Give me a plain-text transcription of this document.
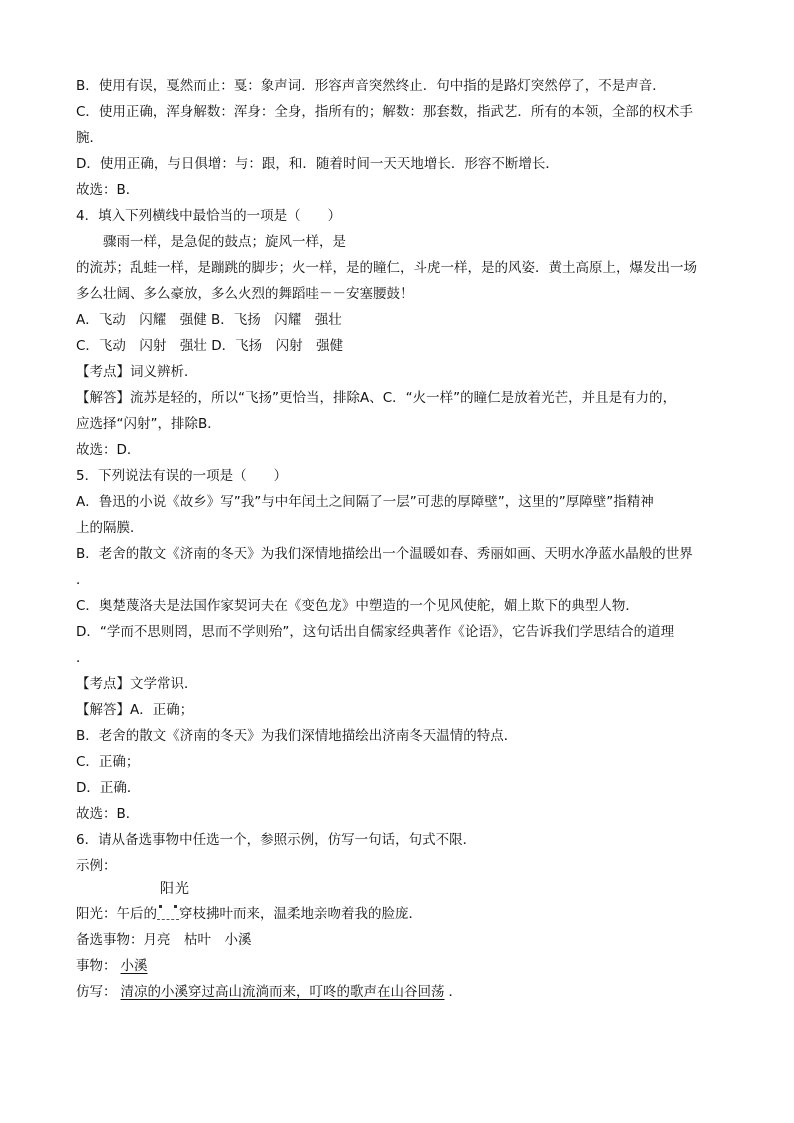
B．使用有误，戛然而止：戛：象声词．形容声音突然终止．句中指的是路灯突然停了，不是声音．
C．使用正确，浑身解数：浑身：全身，指所有的；解数：那套数，指武艺．所有的本领，全部的权术手
腕．
D．使用正确，与日俱增：与：跟，和．随着时间一天天地增长．形容不断增长．
故选：B．
4．填入下列横线中最恰当的一项是（　　）
骤雨一样，是急促的鼓点；旋风一样，是
的流苏；乱蛙一样，是蹦跳的脚步；火一样，是的瞳仁，斗虎一样，是的风姿．黄土高原上，爆发出一场
多么壮阔、多么豪放，多么火烈的舞蹈哇－－安塞腰鼓！
A．飞动　闪耀　强健 B．飞扬　闪耀　强壮
C．飞动　闪射　强壮 D．飞扬　闪射　强健
【考点】词义辨析．
【解答】流苏是轻的，所以“飞扬”更恰当，排除A、C．“火一样”的瞳仁是放着光芒，并且是有力的，
应选择“闪射”，排除B．
故选：D．
5．下列说法有误的一项是（　　）
A．鲁迅的小说《故乡》写”我”与中年闰土之间隔了一层”可悲的厚障壁”，这里的”厚障壁”指精神
上的隔膜．
B．老舍的散文《济南的冬天》为我们深情地描绘出一个温暖如春、秀丽如画、天明水净蓝水晶般的世界
．
C．奥楚蔑洛夫是法国作家契诃夫在《变色龙》中塑造的一个见风使舵，媚上欺下的典型人物．
D．“学而不思则罔，思而不学则殆”，这句话出自儒家经典著作《论语》，它告诉我们学思结合的道理
．
【考点】文学常识．
【解答】A．正确；
B．老舍的散文《济南的冬天》为我们深情地描绘出济南冬天温情的特点．
C．正确；
D．正确．
故选：B．
6．请从备选事物中任选一个，参照示例，仿写一句话，句式不限．
示例：
阳光
阳光：午后的 穿枝拂叶而来，温柔地亲吻着我的脸庞．
备选事物：月亮　枯叶　小溪
事物： 小溪
仿写： 清凉的小溪穿过高山流淌而来，叮咚的歌声在山谷回荡 ．
